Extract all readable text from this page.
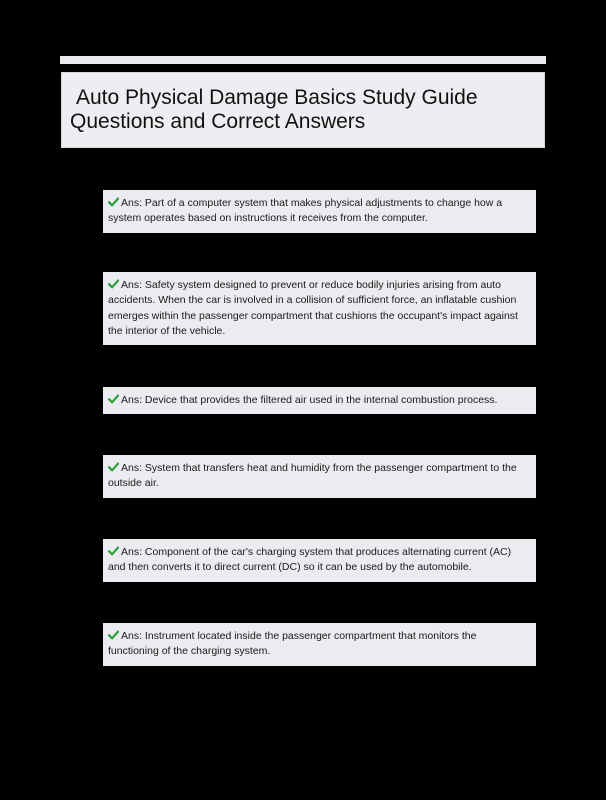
Auto Physical Damage Basics Study Guide
Questions and Correct Answers
Ans: Part of a computer system that makes physical adjustments to change how a system operates based on instructions it receives from the computer.
Ans: Safety system designed to prevent or reduce bodily injuries arising from auto accidents. When the car is involved in a collision of sufficient force, an inflatable cushion emerges within the passenger compartment that cushions the occupant's impact against the interior of the vehicle.
Ans: Device that provides the filtered air used in the internal combustion process.
Ans: System that transfers heat and humidity from the passenger compartment to the outside air.
Ans: Component of the car's charging system that produces alternating current (AC) and then converts it to direct current (DC) so it can be used by the automobile.
Ans: Instrument located inside the passenger compartment that monitors the functioning of the charging system.
